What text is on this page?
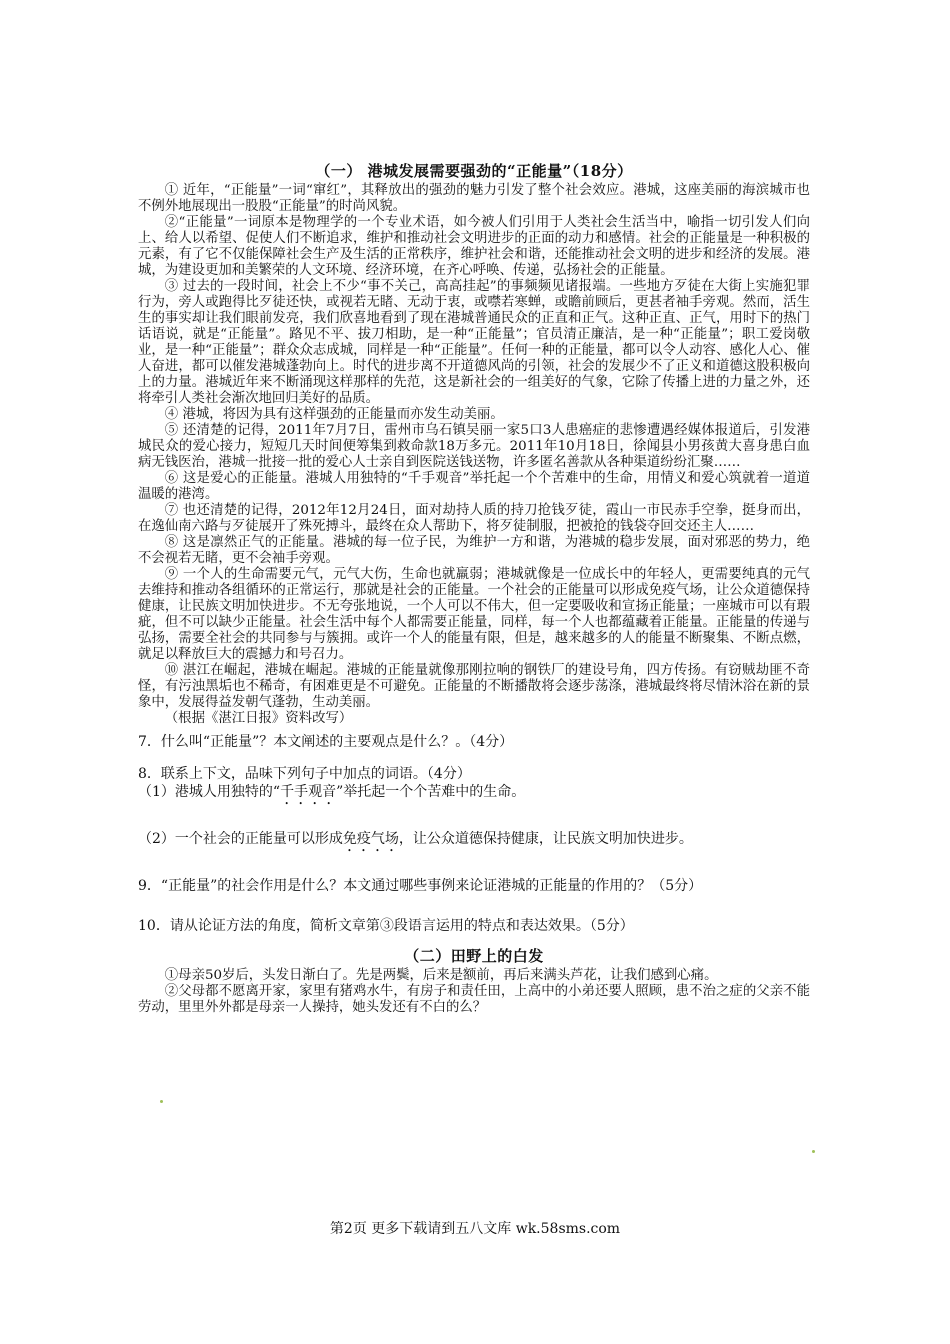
（一） 港城发展需要强劲的“正能量”（18分）

① 近年，“正能量”一词“窜红”，其释放出的强劲的魅力引发了整个社会效应。港城，这座美丽的海滨城市也不例外地展现出一股股“正能量”的时尚风貌。

②“正能量”一词原本是物理学的一个专业术语，如今被人们引用于人类社会生活当中，喻指一切引发人们向上、给人以希望、促使人们不断追求，维护和推动社会文明进步的正面的动力和感情。社会的正能量是一种积极的元素，有了它不仅能保障社会生产及生活的正常秩序，维护社会和谐，还能推动社会文明的进步和经济的发展。港城，为建设更加和美繁荣的人文环境、经济环境，在齐心呼唤、传递，弘扬社会的正能量。

③ 过去的一段时间，社会上不少“事不关己，高高挂起”的事频频见诸报端。一些地方歹徒在大街上实施犯罪行为，旁人或跑得比歹徒还快，或视若无睹、无动于衷，或噤若寒蝉，或瞻前顾后，更甚者袖手旁观。然而，活生生的事实却让我们眼前发亮，我们欣喜地看到了现在港城普通民众的正直和正气。这种正直、正气，用时下的热门话语说，就是“正能量”。路见不平、拔刀相助，是一种“正能量”；官员清正廉洁，是一种“正能量”；职工爱岗敬业，是一种“正能量”；群众众志成城，同样是一种“正能量”。任何一种的正能量，都可以令人动容、感化人心、催人奋进，都可以催发港城蓬勃向上。时代的进步离不开道德风尚的引领，社会的发展少不了正义和道德这股积极向上的力量。港城近年来不断涌现这样那样的先范，这是新社会的一组美好的气象，它除了传播上进的力量之外，还将牵引人类社会渐次地回归美好的品质。

④ 港城，将因为具有这样强劲的正能量而亦发生动美丽。

⑤ 还清楚的记得，2011年7月7日，雷州市乌石镇吴丽一家5口3人患癌症的悲惨遭遇经媒体报道后，引发港城民众的爱心接力，短短几天时间便筹集到救命款18万多元。2011年10月18日，徐闻县小男孩黄大喜身患白血病无钱医治，港城一批接一批的爱心人士亲自到医院送钱送物，许多匿名善款从各种渠道纷纷汇聚……

⑥ 这是爱心的正能量。港城人用独特的“千手观音”举托起一个个苦难中的生命，用情义和爱心筑就着一道道温暖的港湾。

⑦ 也还清楚的记得，2012年12月24日，面对劫持人质的持刀抢钱歹徒，霞山一市民赤手空拳，挺身而出，在逸仙南六路与歹徒展开了殊死搏斗，最终在众人帮助下，将歹徒制服，把被抢的钱袋夺回交还主人……

⑧ 这是凛然正气的正能量。港城的每一位子民，为维护一方和谐，为港城的稳步发展，面对邪恶的势力，绝不会视若无睹，更不会袖手旁观。

⑨ 一个人的生命需要元气，元气大伤，生命也就羸弱；港城就像是一位成长中的年轻人，更需要纯真的元气去维持和推动各组循环的正常运行，那就是社会的正能量。一个社会的正能量可以形成免疫气场，让公众道德保持健康，让民族文明加快进步。不无夸张地说，一个人可以不伟大，但一定要吸收和宣扬正能量；一座城市可以有瑕疵，但不可以缺少正能量。社会生活中每个人都需要正能量，同样，每一个人也都蕴藏着正能量。正能量的传递与弘扬，需要全社会的共同参与与簇拥。或许一个人的能量有限，但是，越来越多的人的能量不断聚集、不断点燃，就足以释放巨大的震撼力和号召力。

⑩ 湛江在崛起，港城在崛起。港城的正能量就像那刚拉响的钢铁厂的建设号角，四方传扬。有窃贼劫匪不奇怪，有污浊黑垢也不稀奇，有困难更是不可避免。正能量的不断播散将会逐步荡涤，港城最终将尽情沐浴在新的景象中，发展得益发朝气蓬勃，生动美丽。

（根据《湛江日报》资料改写）

7．什么叫“正能量”？本文阐述的主要观点是什么？。（4分）

8．联系上下文，品味下列句子中加点的词语。（4分）

（1）港城人用独特的“千手观音”举托起一个个苦难中的生命。

（2）一个社会的正能量可以形成免疫气场，让公众道德保持健康，让民族文明加快进步。

9．“正能量”的社会作用是什么？本文通过哪些事例来论证港城的正能量的作用的？（5分）

10．请从论证方法的角度，简析文章第③段语言运用的特点和表达效果。（5分）

（二）田野上的白发

①母亲50岁后，头发日渐白了。先是两鬓，后来是额前，再后来满头芦花，让我们感到心痛。

②父母都不愿离开家，家里有猪鸡水牛，有房子和责任田，上高中的小弟还要人照顾，患不治之症的父亲不能劳动，里里外外都是母亲一人操持，她头发还有不白的么？

第2页 更多下载请到五八文库 wk.58sms.com
